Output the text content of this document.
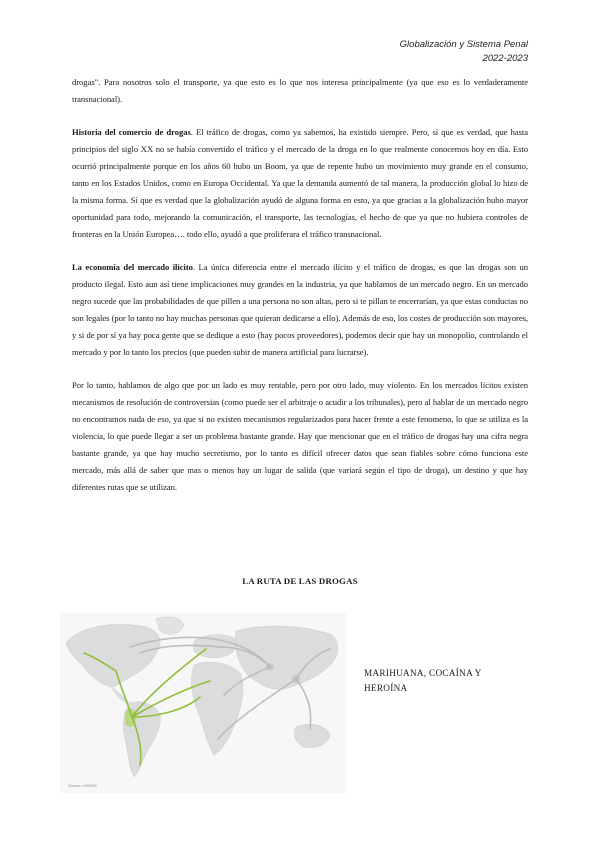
Globalización y Sistema Penal
2022-2023

drogas". Para nosotros solo el transporte, ya que esto es lo que nos interesa principalmente (ya que eso es lo verdaderamente transnacional).

Historia del comercio de drogas. El tráfico de drogas, como ya sabemos, ha existido siempre. Pero, sí que es verdad, que hasta principios del siglo XX no se había convertido el tráfico y el mercado de la droga en lo que realmente conocemos hoy en día. Esto ocurrió principalmente porque en los años 60 hubo un Boom, ya que de repente hubo un movimiento muy grande en el consumo, tanto en los Estados Unidos, como en Europa Occidental. Ya que la demanda aumentó de tal manera, la producción global lo hizo de la misma forma. Sí que es verdad que la globalización ayudó de alguna forma en esto, ya que gracias a la globalización hubo mayor oportunidad para todo, mejorando la comunicación, el transporte, las tecnologías, el hecho de que ya que no hubiera controles de fronteras en la Unión Europea…. todo ello, ayudó a que proliferara el tráfico transnacional.

La economía del mercado ilícito. La única diferencia entre el mercado ilícito y el tráfico de drogas, es que las drogas son un producto ilegal. Esto aun así tiene implicaciones muy grandes en la industria, ya que hablamos de un mercado negro. En un mercado negro sucede que las probabilidades de que pillen a una persona no son altas, pero si te pillan te encerrarían, ya que estas conductas no son legales (por lo tanto no hay muchas personas que quieran dedicarse a ello). Además de eso, los costes de producción son mayores, y si de por sí ya hay poca gente que se dedique a esto (hay pocos proveedores), podemos decir que hay un monopolio, controlando el mercado y por lo tanto los precios (que pueden subir de manera artificial para lucrarse).

Por lo tanto, hablamos de algo que por un lado es muy rentable, pero por otro lado, muy violento. En los mercados lícitos existen mecanismos de resolución de controversias (como puede ser el arbitraje o acudir a los tribunales), pero al hablar de un mercado negro no encontramos nada de eso, ya que si no existen mecanismos regularizados para hacer frente a este fenomeno, lo que se utiliza es la violencia, lo que puede llegar a ser un problema bastante grande. Hay que mencionar que en el tráfico de drogas hay una cifra negra bastante grande, ya que hay mucho secretismo, por lo tanto es difícil ofrecer datos que sean fiables sobre cómo funciona este mercado, más allá de saber que mas o menos hay un lugar de salida (que variará según el tipo de droga), un destino y que hay diferentes rutas que se utilizan.

LA RUTA DE LAS DROGAS
Source: UNODC
MARIHUANA, COCAÍNA Y HEROÍNA
